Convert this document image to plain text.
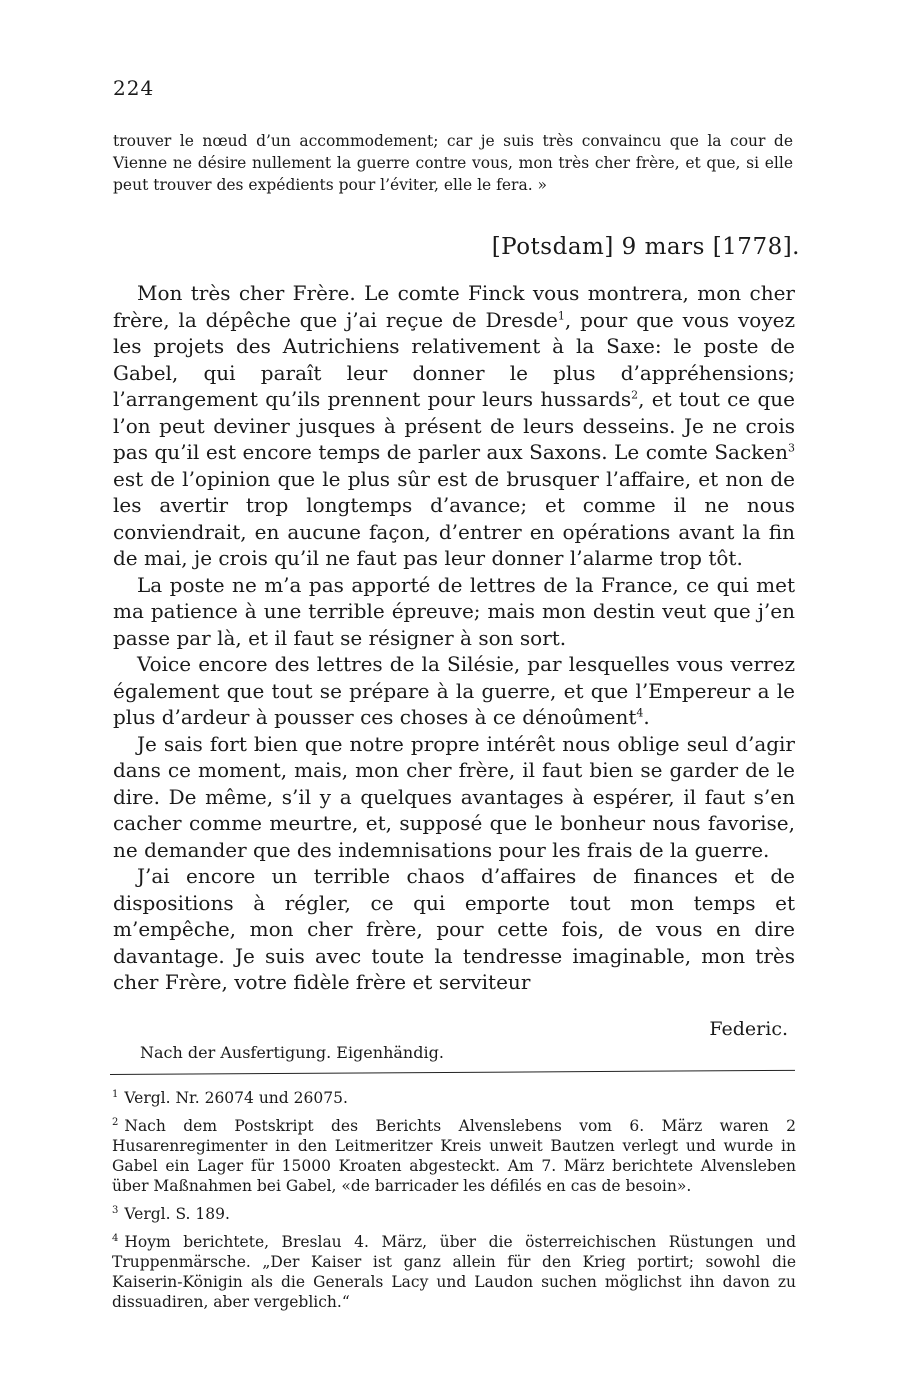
224
trouver le nœud d’un accommodement; car je suis très convaincu que la cour de Vienne ne désire nullement la guerre contre vous, mon très cher frère, et que, si elle peut trouver des expédients pour l’éviter, elle le fera. »
[Potsdam] 9 mars [1778].

Mon très cher Frère. Le comte Finck vous montrera, mon cher frère, la dépêche que j’ai reçue de Dresde$^1$, pour que vous voyez les projets des Autrichiens relativement à la Saxe: le poste de Gabel, qui paraît leur donner le plus d’appréhensions; l’arrangement qu’ils prennent pour leurs hussards$^2$, et tout ce que l’on peut deviner jusques à présent de leurs desseins. Je ne crois pas qu’il est encore temps de parler aux Saxons. Le comte Sacken$^3$ est de l’opinion que le plus sûr est de brusquer l’affaire, et non de les avertir trop longtemps d’avance; et comme il ne nous conviendrait, en aucune façon, d’entrer en opérations avant la fin de mai, je crois qu’il ne faut pas leur donner l’alarme trop tôt.

La poste ne m’a pas apporté de lettres de la France, ce qui met ma patience à une terrible épreuve; mais mon destin veut que j’en passe par là, et il faut se résigner à son sort.

Voice encore des lettres de la Silésie, par lesquelles vous verrez également que tout se prépare à la guerre, et que l’Empereur a le plus d’ardeur à pousser ces choses à ce dénoûment$^4$.

Je sais fort bien que notre propre intérêt nous oblige seul d’agir dans ce moment, mais, mon cher frère, il faut bien se garder de le dire. De même, s’il y a quelques avantages à espérer, il faut s’en cacher comme meurtre, et, supposé que le bonheur nous favorise, ne demander que des indemnisations pour les frais de la guerre.

J’ai encore un terrible chaos d’affaires de finances et de dispositions à régler, ce qui emporte tout mon temps et m’empêche, mon cher frère, pour cette fois, de vous en dire davantage. Je suis avec toute la tendresse imaginable, mon très cher Frère, votre fidèle frère et serviteur

Federic.
Nach der Ausfertigung. Eigenhändig.

$^1$ Vergl. Nr. 26074 und 26075.

$^2$ Nach dem Postskript des Berichts Alvenslebens vom 6. März waren 2 Husarenregimenter in den Leitmeritzer Kreis unweit Bautzen verlegt und wurde in Gabel ein Lager für 15000 Kroaten abgesteckt. Am 7. März berichtete Alvensleben über Maßnahmen bei Gabel, «de barricader les défilés en cas de besoin».

$^3$ Vergl. S. 189.

$^4$ Hoym berichtete, Breslau 4. März, über die österreichischen Rüstungen und Truppenmärsche. „Der Kaiser ist ganz allein für den Krieg portirt; sowohl die Kaiserin-Königin als die Generals Lacy und Laudon suchen möglichst ihn davon zu dissuadiren, aber vergeblich.“
